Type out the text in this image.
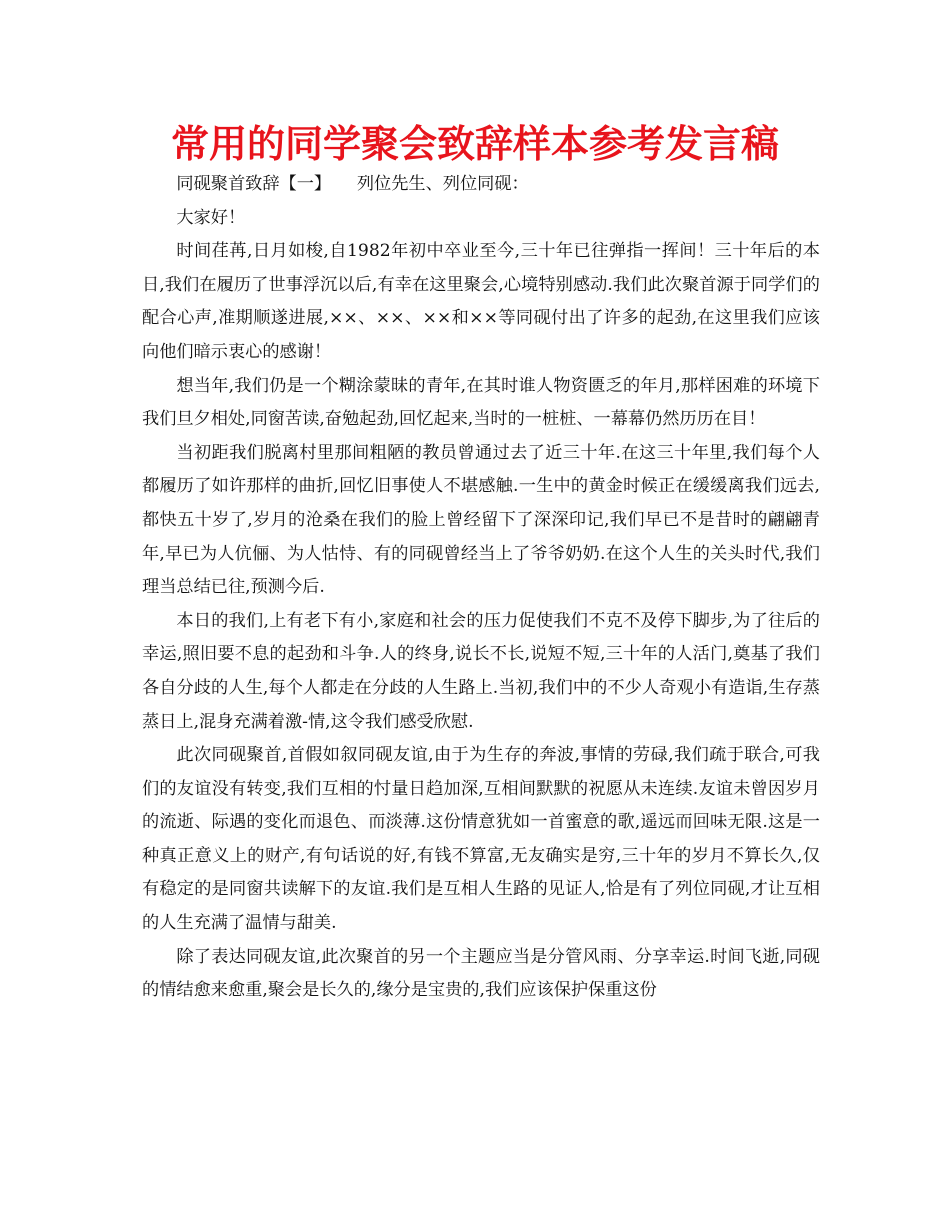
常用的同学聚会致辞样本参考发言稿

同砚聚首致辞【一】　　列位先生、列位同砚：

大家好！

时间荏苒,日月如梭,自1982年初中卒业至今,三十年已往弹指一挥间！三十年后的本日,我们在履历了世事浮沉以后,有幸在这里聚会,心境特别感动.我们此次聚首源于同学们的配合心声,准期顺遂进展,××、××、××和××等同砚付出了许多的起劲,在这里我们应该向他们暗示衷心的感谢！

想当年,我们仍是一个糊涂蒙昧的青年,在其时谁人物资匮乏的年月,那样困难的环境下我们旦夕相处,同窗苦读,奋勉起劲,回忆起来,当时的一桩桩、一幕幕仍然历历在目！

当初距我们脱离村里那间粗陋的教员曾通过去了近三十年.在这三十年里,我们每个人都履历了如许那样的曲折,回忆旧事使人不堪感触.一生中的黄金时候正在缓缓离我们远去,都快五十岁了,岁月的沧桑在我们的脸上曾经留下了深深印记,我们早已不是昔时的翩翩青年,早已为人伉俪、为人怙恃、有的同砚曾经当上了爷爷奶奶.在这个人生的关头时代,我们理当总结已往,预测今后.

本日的我们,上有老下有小,家庭和社会的压力促使我们不克不及停下脚步,为了往后的幸运,照旧要不息的起劲和斗争.人的终身,说长不长,说短不短,三十年的人活门,奠基了我们各自分歧的人生,每个人都走在分歧的人生路上.当初,我们中的不少人奇观小有造诣,生存蒸蒸日上,混身充满着激-情,这令我们感受欣慰.

此次同砚聚首,首假如叙同砚友谊,由于为生存的奔波,事情的劳碌,我们疏于联合,可我们的友谊没有转变,我们互相的忖量日趋加深,互相间默默的祝愿从未连续.友谊未曾因岁月的流逝、际遇的变化而退色、而淡薄.这份情意犹如一首蜜意的歌,遥远而回味无限.这是一种真正意义上的财产,有句话说的好,有钱不算富,无友确实是穷,三十年的岁月不算长久,仅有稳定的是同窗共读解下的友谊.我们是互相人生路的见证人,恰是有了列位同砚,才让互相的人生充满了温情与甜美.

除了表达同砚友谊,此次聚首的另一个主题应当是分管风雨、分享幸运.时间飞逝,同砚的情结愈来愈重,聚会是长久的,缘分是宝贵的,我们应该保护保重这份
